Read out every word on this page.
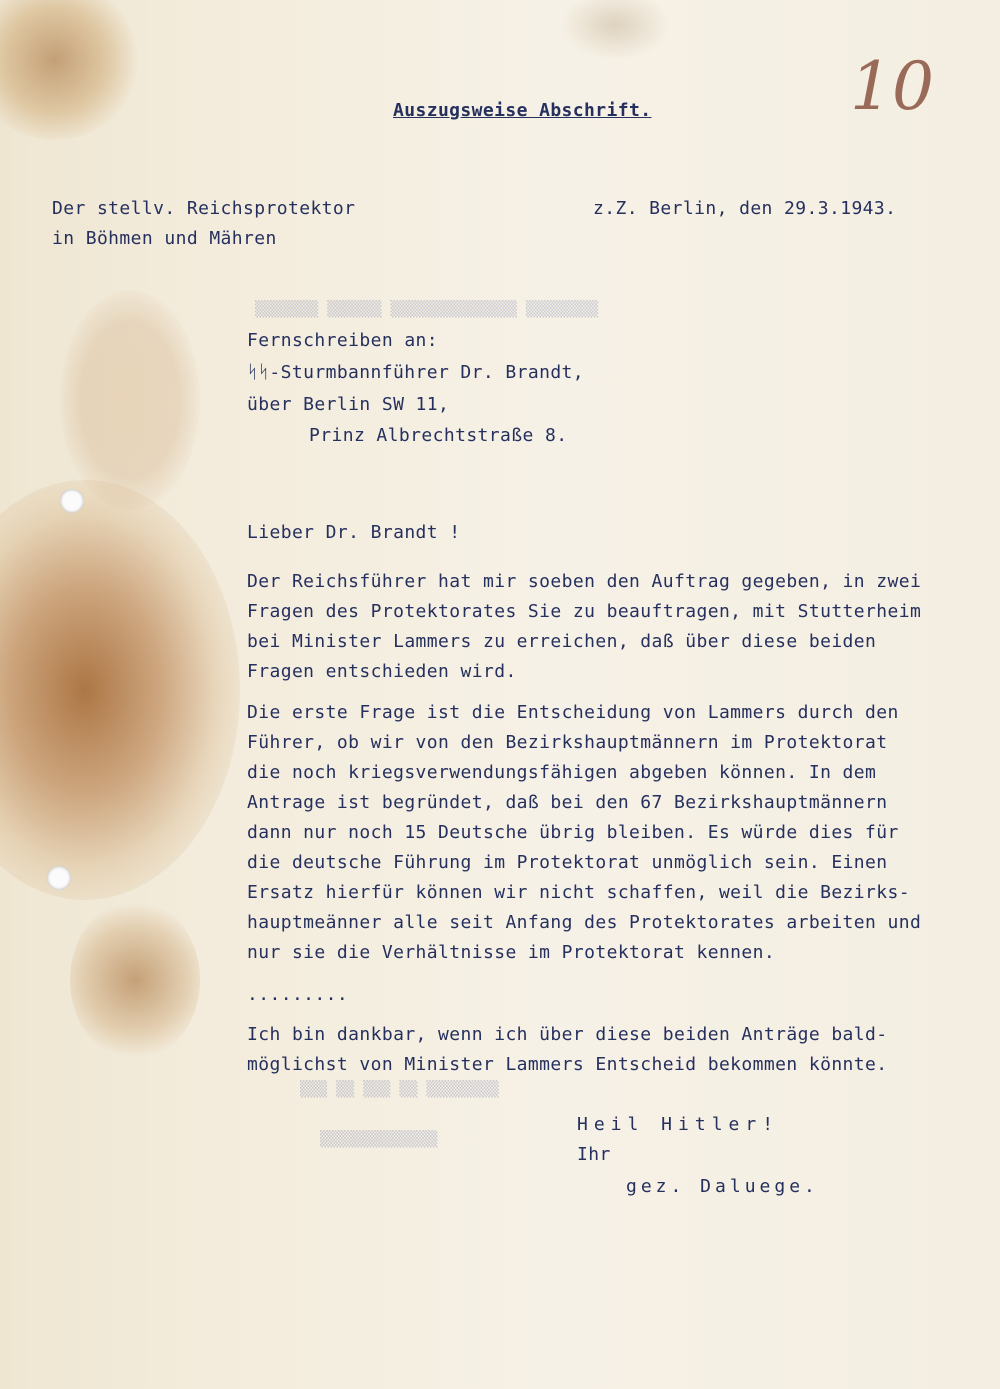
▒▒▒▒▒▒▒ ▒▒▒▒▒▒ ▒▒▒▒▒▒▒▒▒▒▒▒▒▒ ▒▒▒▒▒▒▒▒
▒▒▒ ▒▒ ▒▒▒ ▒▒ ▒▒▒▒▒▒▒▒
▒▒▒▒▒▒▒▒▒▒▒▒▒
10
Auszugsweise Abschrift.
Der stellv. Reichsprotektor
in Böhmen und Mähren
z.Z. Berlin, den 29.3.1943.
Fernschreiben an:
ᛋᛋ-Sturmbannführer Dr. Brandt,
über Berlin SW 11,
Prinz Albrechtstraße 8.
Lieber Dr. Brandt !
Der Reichsführer hat mir soeben den Auftrag gegeben, in zwei
Fragen des Protektorates Sie zu beauftragen, mit Stutterheim
bei Minister Lammers zu erreichen, daß über diese beiden
Fragen entschieden wird.
Die erste Frage ist die Entscheidung von Lammers durch den
Führer, ob wir von den Bezirkshauptmännern im Protektorat
die noch kriegsverwendungsfähigen abgeben können. In dem
Antrage ist begründet, daß bei den 67 Bezirkshauptmännern
dann nur noch 15 Deutsche übrig bleiben. Es würde dies für
die deutsche Führung im Protektorat unmöglich sein. Einen
Ersatz hierfür können wir nicht schaffen, weil die Bezirks-
hauptmeänner alle seit Anfang des Protektorates arbeiten und
nur sie die Verhältnisse im Protektorat kennen.
.........
Ich bin dankbar, wenn ich über diese beiden Anträge bald-
möglichst von Minister Lammers Entscheid bekommen könnte.
Heil Hitler!
Ihr
gez. Daluege.
